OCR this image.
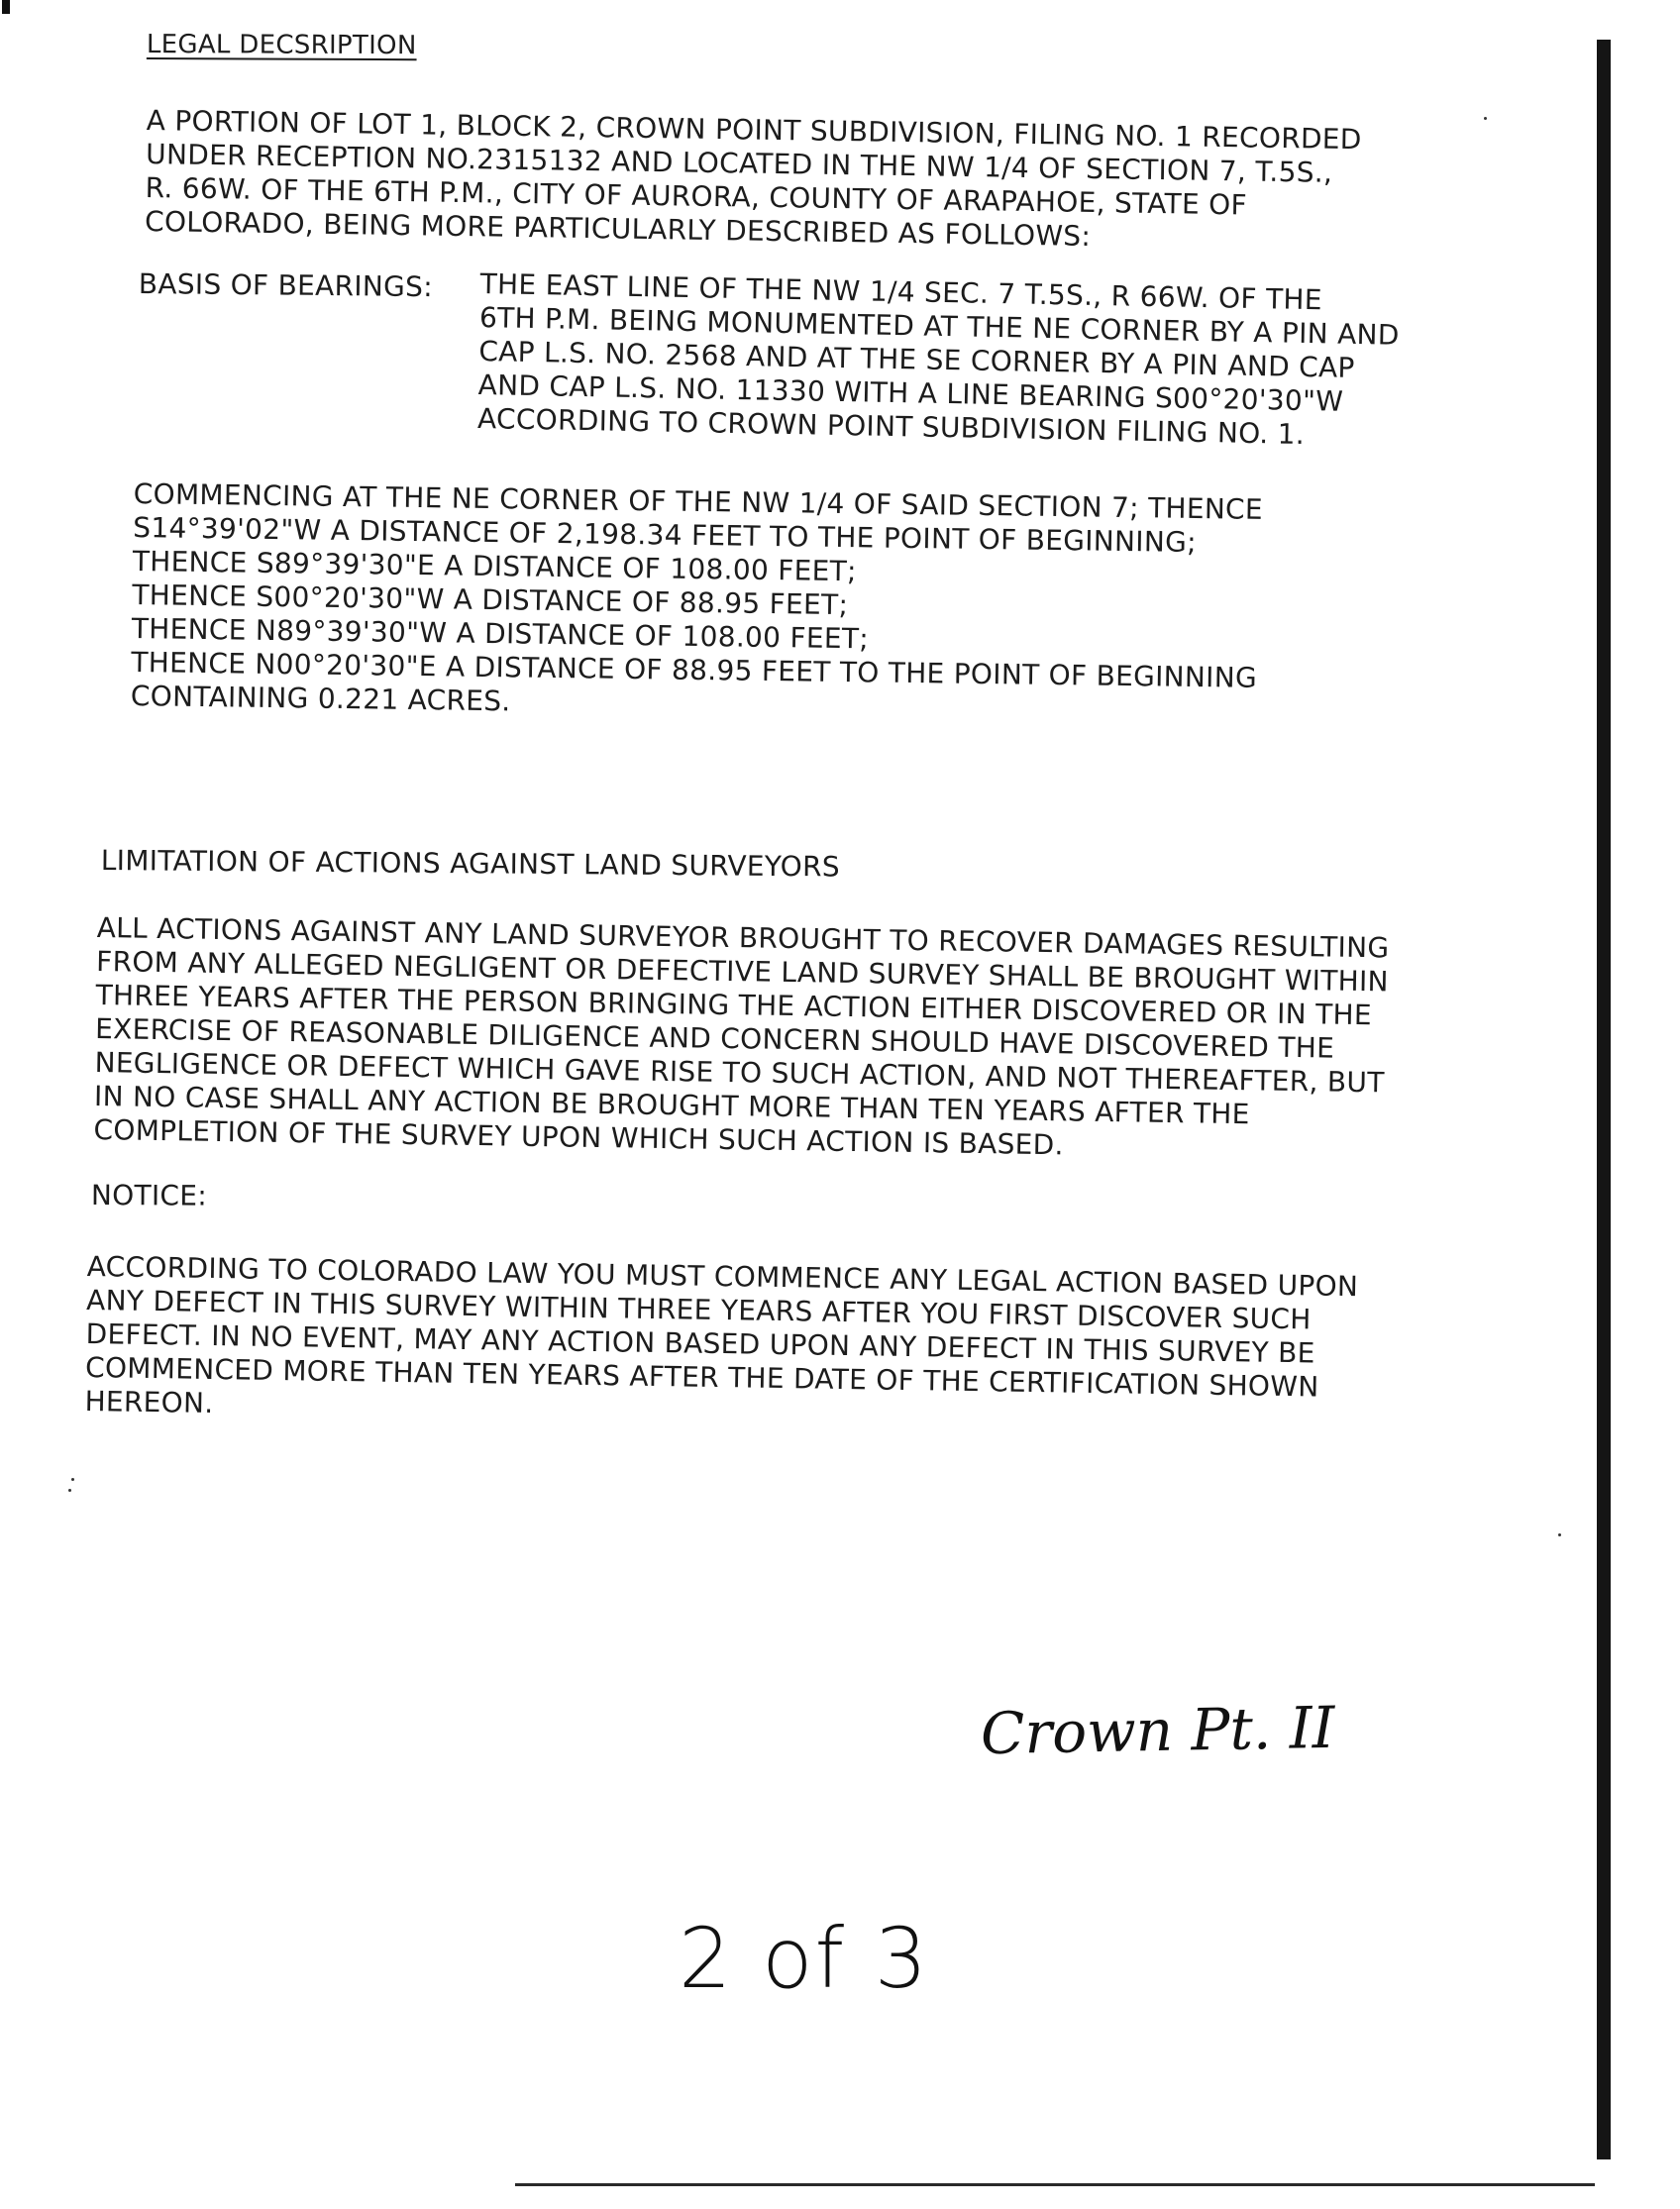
LEGAL DECSRIPTION

A PORTION OF LOT 1, BLOCK 2, CROWN POINT SUBDIVISION, FILING NO. 1 RECORDED
UNDER RECEPTION NO.2315132 AND LOCATED IN THE NW 1/4 OF SECTION 7, T.5S.,
R. 66W. OF THE 6TH P.M., CITY OF AURORA, COUNTY OF ARAPAHOE, STATE OF
COLORADO, BEING MORE PARTICULARLY DESCRIBED AS FOLLOWS:

BASIS OF BEARINGS: THE EAST LINE OF THE NW 1/4 SEC. 7 T.5S., R 66W. OF THE
6TH P.M. BEING MONUMENTED AT THE NE CORNER BY A PIN AND
CAP L.S. NO. 2568 AND AT THE SE CORNER BY A PIN AND CAP
AND CAP L.S. NO. 11330 WITH A LINE BEARING S00°20'30"W
ACCORDING TO CROWN POINT SUBDIVISION FILING NO. 1.

COMMENCING AT THE NE CORNER OF THE NW 1/4 OF SAID SECTION 7; THENCE
S14°39'02"W A DISTANCE OF 2,198.34 FEET TO THE POINT OF BEGINNING;
THENCE S89°39'30"E A DISTANCE OF 108.00 FEET;
THENCE S00°20'30"W A DISTANCE OF 88.95 FEET;
THENCE N89°39'30"W A DISTANCE OF 108.00 FEET;
THENCE N00°20'30"E A DISTANCE OF 88.95 FEET TO THE POINT OF BEGINNING
CONTAINING 0.221 ACRES.

LIMITATION OF ACTIONS AGAINST LAND SURVEYORS

ALL ACTIONS AGAINST ANY LAND SURVEYOR BROUGHT TO RECOVER DAMAGES RESULTING
FROM ANY ALLEGED NEGLIGENT OR DEFECTIVE LAND SURVEY SHALL BE BROUGHT WITHIN
THREE YEARS AFTER THE PERSON BRINGING THE ACTION EITHER DISCOVERED OR IN THE
EXERCISE OF REASONABLE DILIGENCE AND CONCERN SHOULD HAVE DISCOVERED THE
NEGLIGENCE OR DEFECT WHICH GAVE RISE TO SUCH ACTION, AND NOT THEREAFTER, BUT
IN NO CASE SHALL ANY ACTION BE BROUGHT MORE THAN TEN YEARS AFTER THE
COMPLETION OF THE SURVEY UPON WHICH SUCH ACTION IS BASED.

NOTICE:

ACCORDING TO COLORADO LAW YOU MUST COMMENCE ANY LEGAL ACTION BASED UPON
ANY DEFECT IN THIS SURVEY WITHIN THREE YEARS AFTER YOU FIRST DISCOVER SUCH
DEFECT. IN NO EVENT, MAY ANY ACTION BASED UPON ANY DEFECT IN THIS SURVEY BE
COMMENCED MORE THAN TEN YEARS AFTER THE DATE OF THE CERTIFICATION SHOWN
HEREON.

Crown Pt. II
2 of 3
